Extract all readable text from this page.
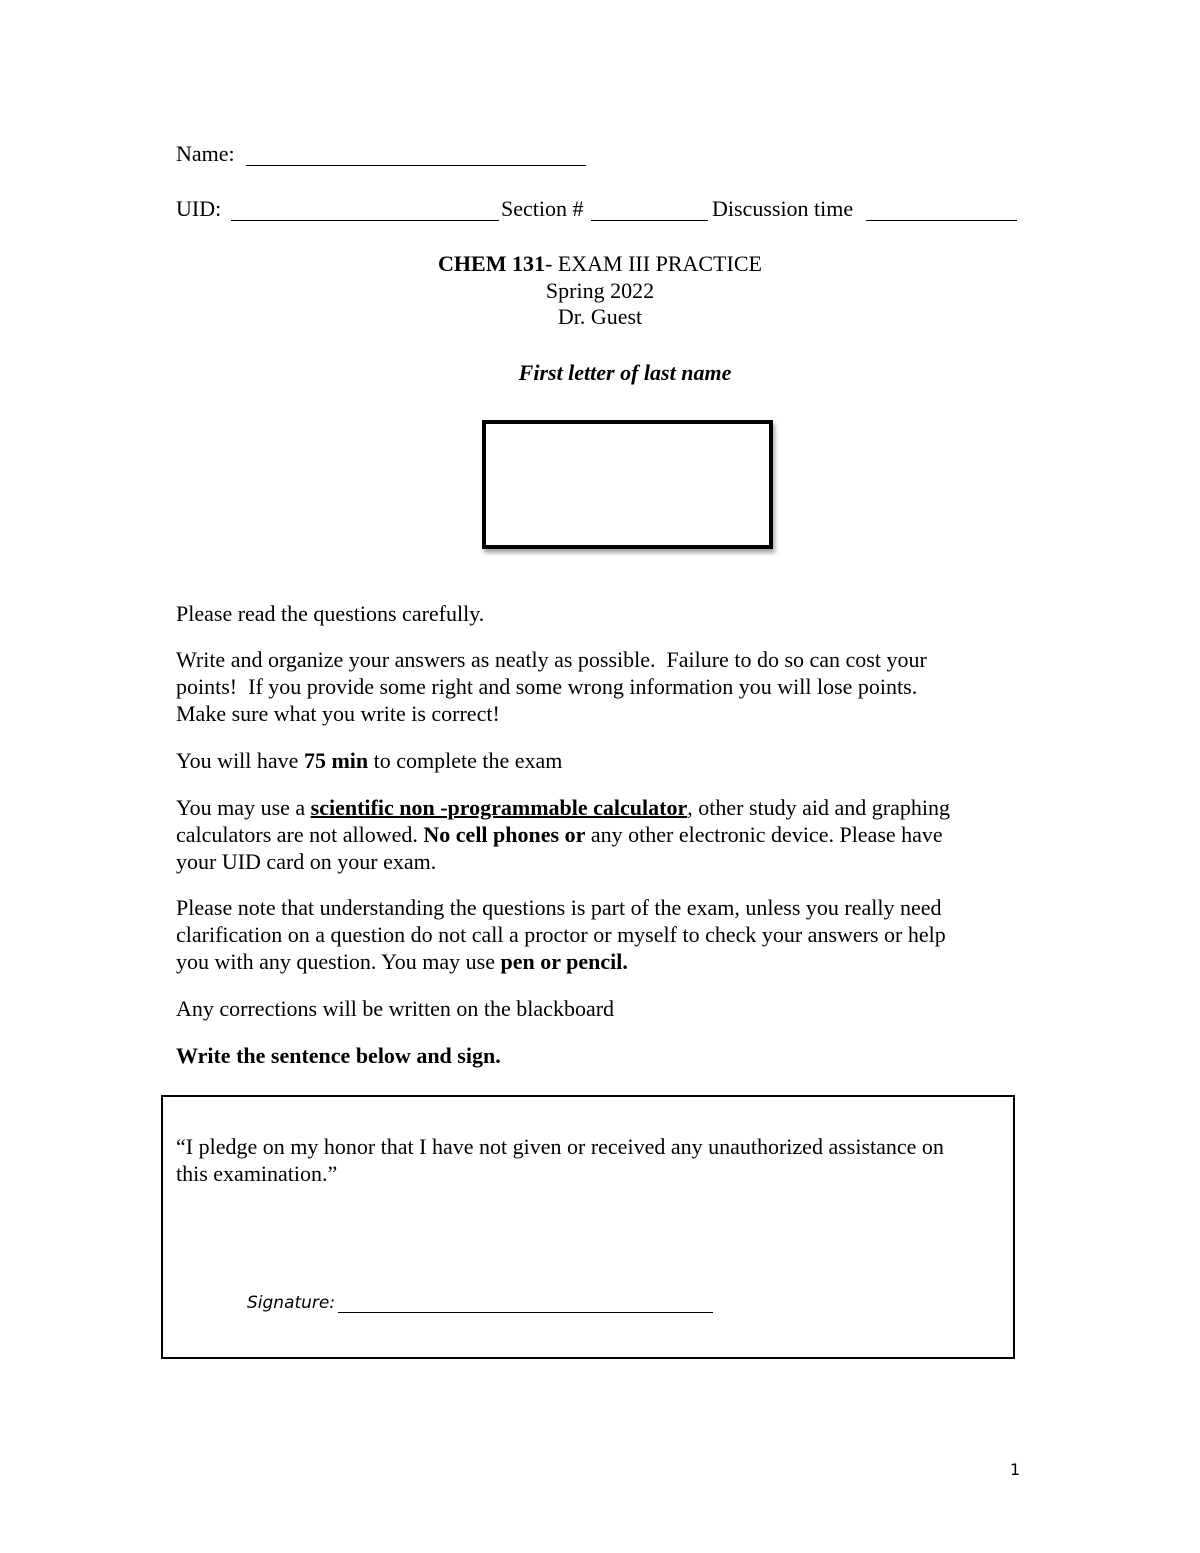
Name:
UID:	Section #	Discussion time
CHEM 131- EXAM III PRACTICE
Spring 2022
Dr. Guest
First letter of last name
Please read the questions carefully.
Write and organize your answers as neatly as possible.  Failure to do so can cost your
points!  If you provide some right and some wrong information you will lose points.
Make sure what you write is correct!
You will have 75 min to complete the exam
You may use a scientific non -programmable calculator, other study aid and graphing
calculators are not allowed. No cell phones or any other electronic device. Please have
your UID card on your exam.
Please note that understanding the questions is part of the exam, unless you really need
clarification on a question do not call a proctor or myself to check your answers or help
you with any question. You may use pen or pencil.
Any corrections will be written on the blackboard
Write the sentence below and sign.
“I pledge on my honor that I have not given or received any unauthorized assistance on
this examination.”
Signature:
1
